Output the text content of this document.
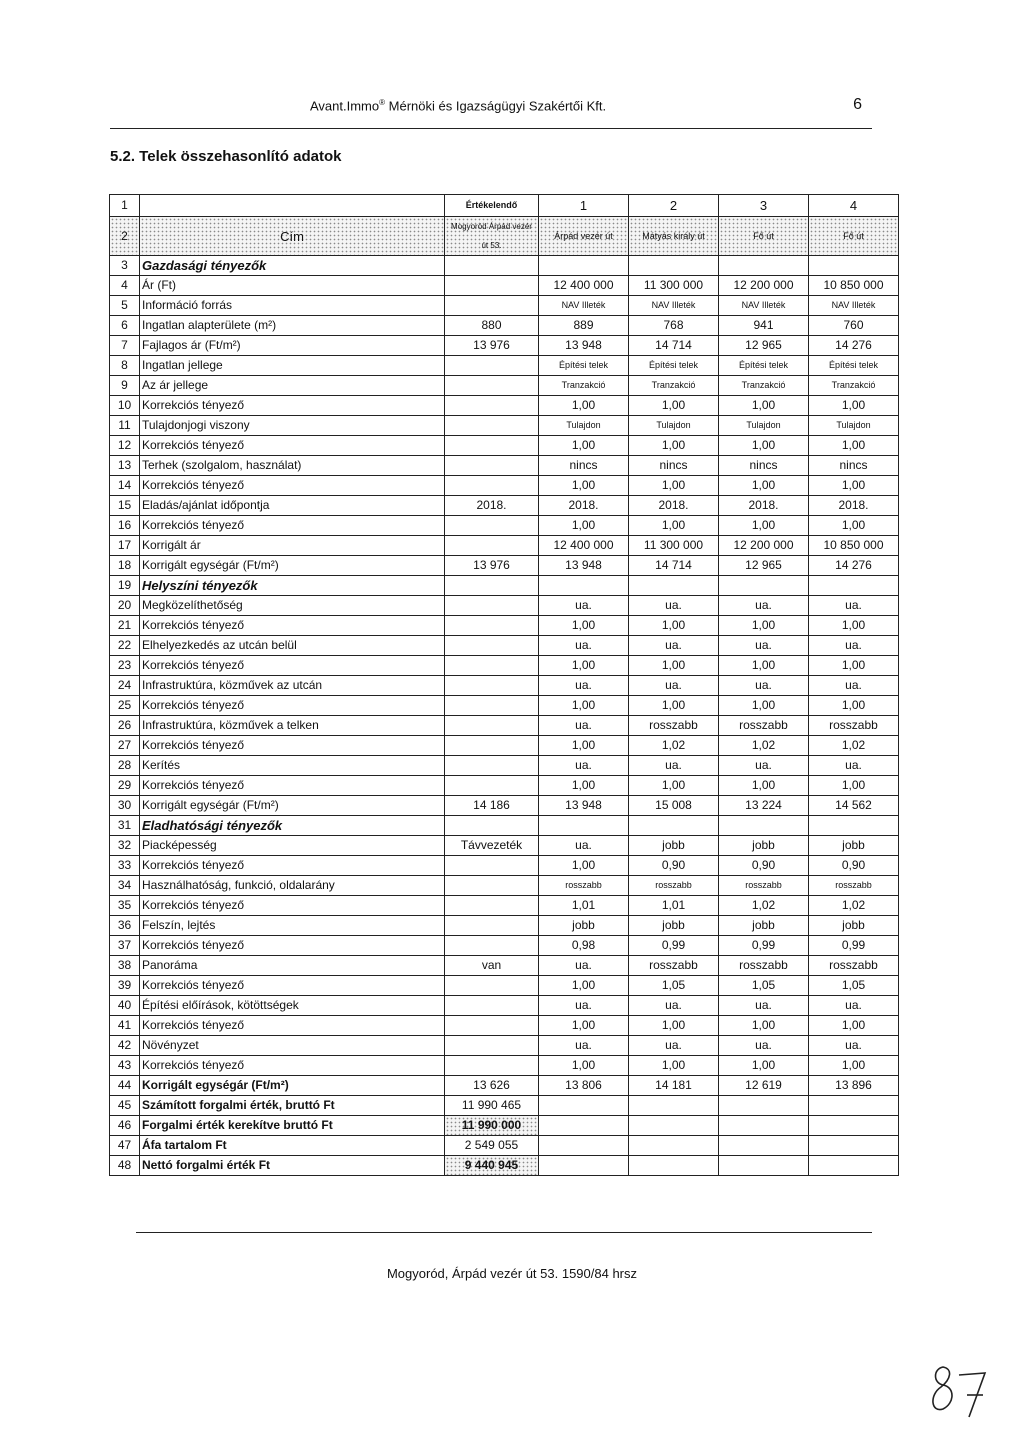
Avant.Immo® Mérnöki és Igazságügyi Szakértői Kft.	6
5.2. Telek összehasonlító adatok
1		Értékelendő	1	2	3	4
2	Cím	Mogyoród Árpád vezér út 53.	Árpád vezér út	Mátyás király út	Fő út	Fő út
3	Gazdasági tényezők					
4	Ár (Ft)		12 400 000	11 300 000	12 200 000	10 850 000
5	Információ forrás		NAV Illeték	NAV Illeték	NAV Illeték	NAV Illeték
6	Ingatlan alapterülete (m²)	880	889	768	941	760
7	Fajlagos ár (Ft/m²)	13 976	13 948	14 714	12 965	14 276
8	Ingatlan jellege		Építési telek	Építési telek	Építési telek	Építési telek
9	Az ár jellege		Tranzakció	Tranzakció	Tranzakció	Tranzakció
10	Korrekciós tényező		1,00	1,00	1,00	1,00
11	Tulajdonjogi viszony		Tulajdon	Tulajdon	Tulajdon	Tulajdon
12	Korrekciós tényező		1,00	1,00	1,00	1,00
13	Terhek (szolgalom, használat)		nincs	nincs	nincs	nincs
14	Korrekciós tényező		1,00	1,00	1,00	1,00
15	Eladás/ajánlat időpontja	2018.	2018.	2018.	2018.	2018.
16	Korrekciós tényező		1,00	1,00	1,00	1,00
17	Korrigált ár		12 400 000	11 300 000	12 200 000	10 850 000
18	Korrigált egységár (Ft/m²)	13 976	13 948	14 714	12 965	14 276
19	Helyszíni tényezők					
20	Megközelíthetőség		ua.	ua.	ua.	ua.
21	Korrekciós tényező		1,00	1,00	1,00	1,00
22	Elhelyezkedés az utcán belül		ua.	ua.	ua.	ua.
23	Korrekciós tényező		1,00	1,00	1,00	1,00
24	Infrastruktúra, közművek az utcán		ua.	ua.	ua.	ua.
25	Korrekciós tényező		1,00	1,00	1,00	1,00
26	Infrastruktúra, közművek a telken		ua.	rosszabb	rosszabb	rosszabb
27	Korrekciós tényező		1,00	1,02	1,02	1,02
28	Kerítés		ua.	ua.	ua.	ua.
29	Korrekciós tényező		1,00	1,00	1,00	1,00
30	Korrigált egységár (Ft/m²)	14 186	13 948	15 008	13 224	14 562
31	Eladhatósági tényezők					
32	Piacképesség	Távvezeték	ua.	jobb	jobb	jobb
33	Korrekciós tényező		1,00	0,90	0,90	0,90
34	Használhatóság, funkció, oldalarány		rosszabb	rosszabb	rosszabb	rosszabb
35	Korrekciós tényező		1,01	1,01	1,02	1,02
36	Felszín, lejtés		jobb	jobb	jobb	jobb
37	Korrekciós tényező		0,98	0,99	0,99	0,99
38	Panoráma	van	ua.	rosszabb	rosszabb	rosszabb
39	Korrekciós tényező		1,00	1,05	1,05	1,05
40	Építési előírások, kötöttségek		ua.	ua.	ua.	ua.
41	Korrekciós tényező		1,00	1,00	1,00	1,00
42	Növényzet		ua.	ua.	ua.	ua.
43	Korrekciós tényező		1,00	1,00	1,00	1,00
44	Korrigált egységár (Ft/m²)	13 626	13 806	14 181	12 619	13 896
45	Számított forgalmi érték, bruttó Ft	11 990 465				
46	Forgalmi érték kerekítve bruttó Ft	11 990 000				
47	Áfa tartalom Ft	2 549 055				
48	Nettó forgalmi érték Ft	9 440 945				
Mogyoród, Árpád vezér út 53. 1590/84 hrsz
